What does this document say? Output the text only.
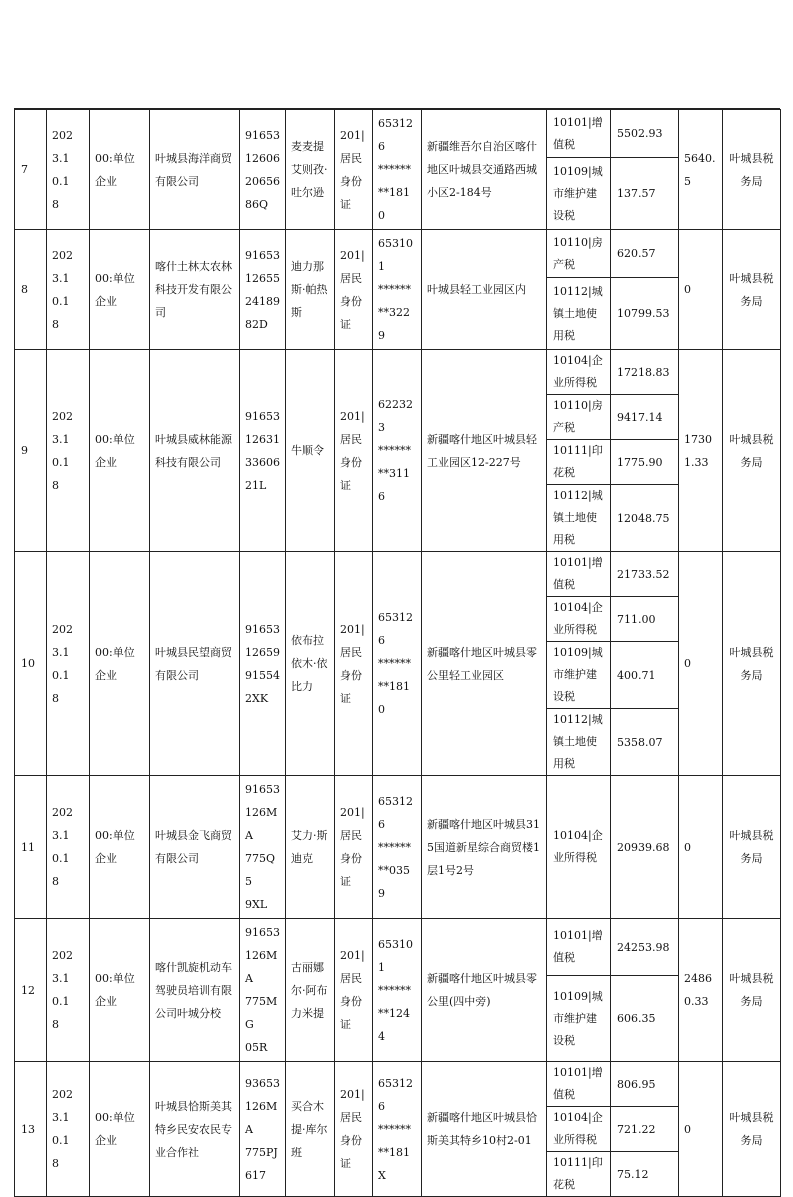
7	202
3.1
0.1
8	00:单位企业	叶城县海洋商贸有限公司	91653
12606
20656
86Q	麦麦提艾则孜·吐尔逊	201|
居民
身份
证	653126
******
**1810	新疆维吾尔自治区喀什地区叶城县交通路西城小区2-184号	10101|增值税	5502.93	5640.5	叶城县税务局
									10109|城市维护建设税	137.57		
8	202
3.1
0.1
8	00:单位企业	喀什土林太农林科技开发有限公司	91653
12655
24189
82D	迪力那斯·帕热斯	201|
居民
身份
证	653101
******
**3229	叶城县轻工业园区内	10110|房产税	620.57	0	叶城县税务局
									10112|城镇土地使用税	10799.53		
9	202
3.1
0.1
8	00:单位企业	叶城县威林能源科技有限公司	91653
12631
33606
21L	牛顺令	201|
居民
身份
证	622323
******
**3116	新疆喀什地区叶城县轻工业园区12-227号	10104|企业所得税	17218.83	17301.33	叶城县税务局
									10110|房产税	9417.14		
									10111|印花税	1775.90		
									10112|城镇土地使用税	12048.75		
10	202
3.1
0.1
8	00:单位企业	叶城县民望商贸有限公司	91653
12659
91554
2XK	依布拉依木·依比力	201|
居民
身份
证	653126
******
**1810	新疆喀什地区叶城县零公里轻工业园区	10101|增值税	21733.52	0	叶城县税务局
									10104|企业所得税	711.00		
									10109|城市维护建设税	400.71		
									10112|城镇土地使用税	5358.07		
11	202
3.1
0.1
8	00:单位企业	叶城县金飞商贸有限公司	91653
126MA
775Q5
9XL	艾力·斯迪克	201|
居民
身份
证	653126
******
**0359	新疆喀什地区叶城县315国道新星综合商贸楼1层1号2号	10104|企业所得税	20939.68	0	叶城县税务局
12	202
3.1
0.1
8	00:单位企业	喀什凯旋机动车驾驶员培训有限公司叶城分校	91653
126MA
775MG
05R	古丽娜尔·阿布力米提	201|
居民
身份
证	653101
******
**1244	新疆喀什地区叶城县零公里(四中旁)	10101|增值税	24253.98	24860.33	叶城县税务局
									10109|城市维护建设税	606.35		
13	202
3.1
0.1
8	00:单位企业	叶城县恰斯美其特乡民安农民专业合作社	93653
126MA
775PJ
617	买合木提·库尔班	201|
居民
身份
证	653126
******
**181X	新疆喀什地区叶城县恰斯美其特乡10村2-01	10101|增值税	806.95	0	叶城县税务局
									10104|企业所得税	721.22		
									10111|印花税	75.12		
